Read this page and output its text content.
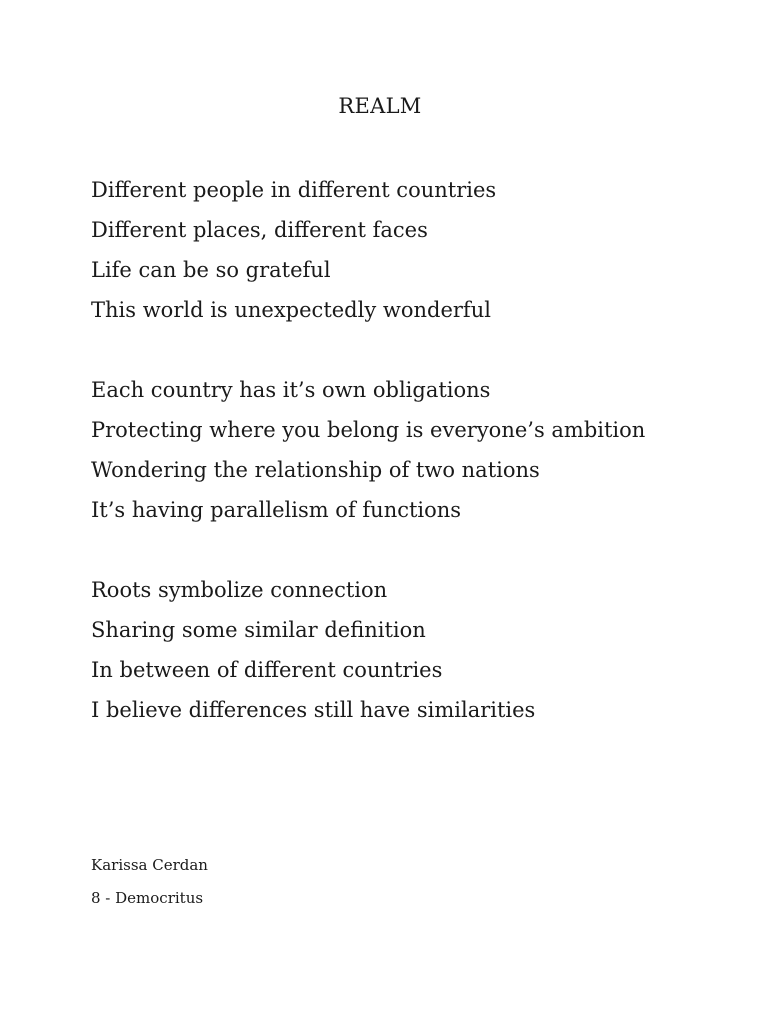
REALM
Different people in different countries
Different places, different faces
Life can be so grateful
This world is unexpectedly wonderful
Each country has it’s own obligations
Protecting where you belong is everyone’s ambition
Wondering the relationship of two nations
It’s having parallelism of functions
Roots symbolize connection
Sharing some similar definition
In between of different countries
I believe differences still have similarities
Karissa Cerdan
8 - Democritus
